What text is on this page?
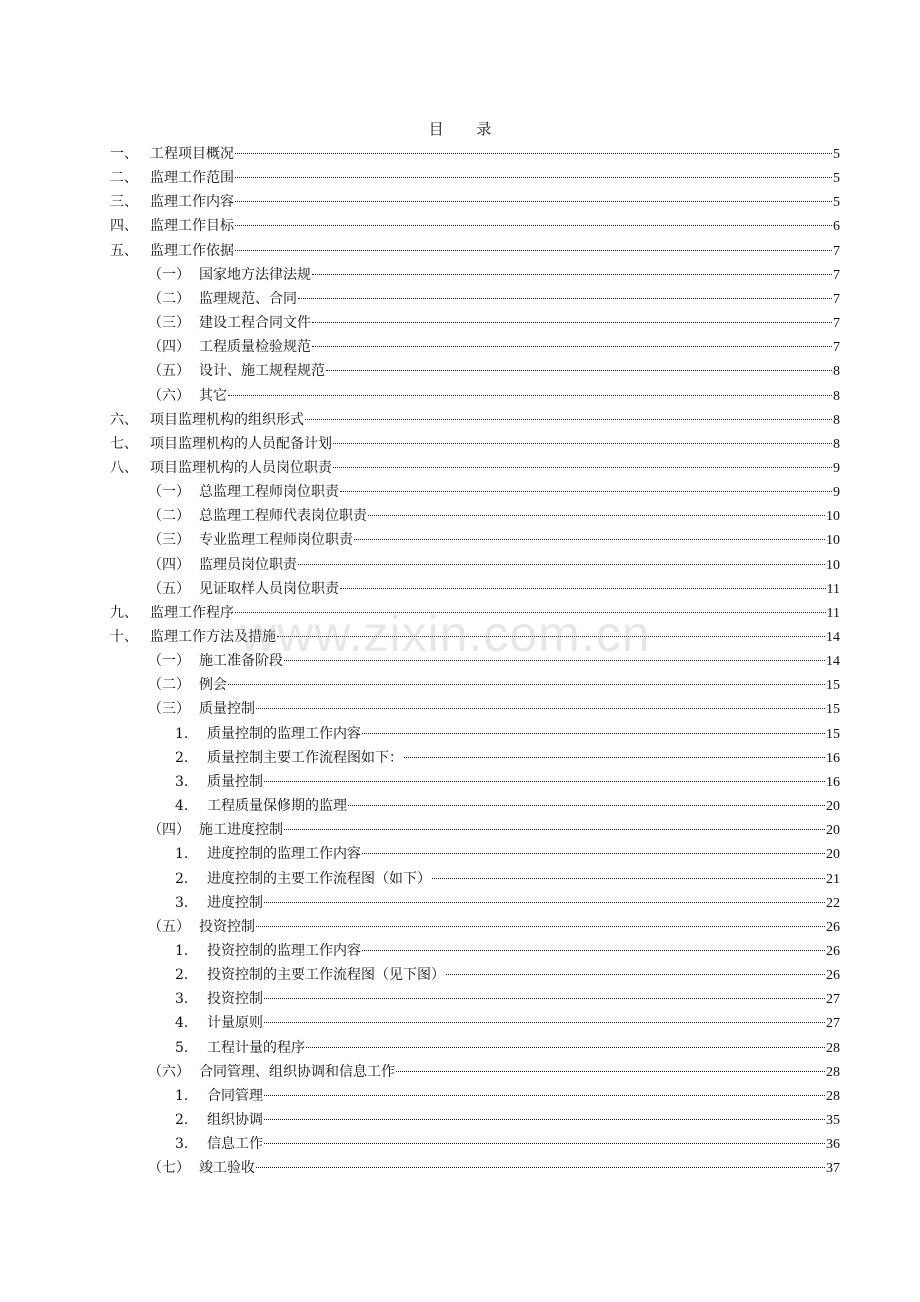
目 录
一、 工程项目概况	5
二、 监理工作范围	5
三、 监理工作内容	5
四、 监理工作目标	6
五、 监理工作依据	7
（一） 国家地方法律法规	7
（二） 监理规范、合同	7
（三） 建设工程合同文件	7
（四） 工程质量检验规范	7
（五） 设计、施工规程规范	8
（六） 其它	8
六、 项目监理机构的组织形式	8
七、 项目监理机构的人员配备计划	8
八、 项目监理机构的人员岗位职责	9
（一） 总监理工程师岗位职责	9
（二） 总监理工程师代表岗位职责	10
（三） 专业监理工程师岗位职责	10
（四） 监理员岗位职责	10
（五） 见证取样人员岗位职责	11
九、 监理工作程序	11
十、 监理工作方法及措施	14
（一） 施工准备阶段	14
（二） 例会	15
（三） 质量控制	15
1. 质量控制的监理工作内容	15
2. 质量控制主要工作流程图如下：	16
3. 质量控制	16
4. 工程质量保修期的监理	20
（四） 施工进度控制	20
1. 进度控制的监理工作内容	20
2. 进度控制的主要工作流程图（如下）	21
3. 进度控制	22
（五） 投资控制	26
1. 投资控制的监理工作内容	26
2. 投资控制的主要工作流程图（见下图）	26
3. 投资控制	27
4. 计量原则	27
5. 工程计量的程序	28
（六） 合同管理、组织协调和信息工作	28
1. 合同管理	28
2. 组织协调	35
3. 信息工作	36
（七） 竣工验收	37
www.zixin.com.cn
